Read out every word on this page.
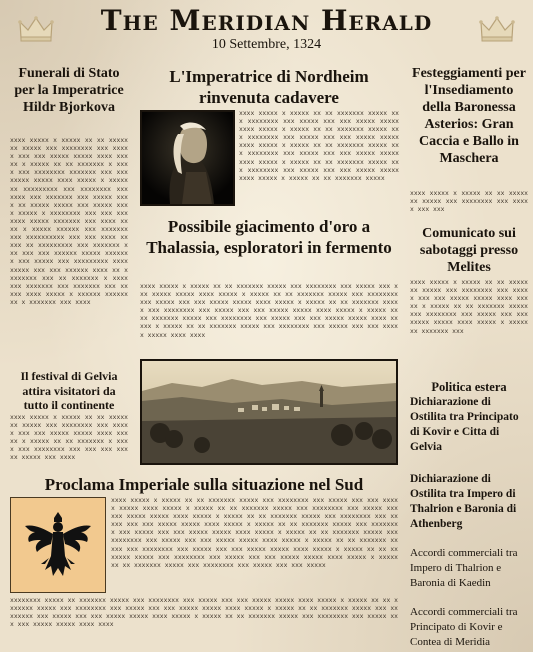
The Meridian Herald
10 Settembre, 1324
Funerali di Stato per la Imperatrice Hildr Bjorkova
xxxx xxxxx x xxxxx xx xx xxxxxxx xxxxx xxx xxxxxxxx xxx xxxxx xxx xxx xxxxx xxxxx xxxx xxxxx x xxxxx xx xx xxxxxxx x xxxx xxx xxxxxxxx xxxxxxx xxx xxx xxxxx xxxxx xxxx xxxxx x xxxxx xx xxxxxxxxx xxx xxxxxxxx xxx xxxx xxx xxxxxxx xxx xxxxx xxxx xx xxxxx xxxxx xxx xxxxx xxxx xxxxx x xxxxxxxx xxx xxx xxxxxxx xxxxx xxxxxxx xxx xxxx xxxx x xxxxx xxxxxx xxx xxxxxxx xxx xxxxxxxxxx xxx xxx xxxx xxxxx xx xxxxxxxxx xxx xxxxxxx xxx xxx xxx xxxxxx xxxxx xxxxxxx xxx xxxxx xxx xxxxxxxxx xxxx xxxxx xxx xxx xxxxxx xxxx xx xxxxxxxx xxx xx xxxxxxx x xxxx xxx xxxxxxx xxx xxxxxxx xxx xx xxx xxxx xxxxx x xxxxxx xxxxxxxx x xxxxxxx xxx xxxx
Il festival di Gelvia attira visitatori da tutto il continente
xxxx xxxxx x xxxxx xx xx xxxxxxx xxxxx xxx xxxxxxxx xxx xxxxx xxx xxx xxxxx xxxxx xxxx xxxxx x xxxxx xx xx xxxxxxx x xxxx xxx xxxxxxxx xxx xxx xxx xxxxx xxxxx xxx xxxx
L'Imperatrice di Nordheim rinvenuta cadavere
xxxx xxxxx x xxxxx xx xx xxxxxxx xxxxx xxx xxxxxxxx xxx xxxxx xxx xxx xxxxx xxxxx xxxx xxxxx x xxxxx xx xx xxxxxxx xxxxx xxx xxxxxxxx xxx xxxxx xxx xxx xxxxx xxxxx xxxx xxxxx x xxxxx xx xx xxxxxxx xxxxx xxx xxxxxxxx xxx xxxxx xxx xxx xxxxx xxxxx xxxx xxxxx x xxxxx xx xx xxxxxxx xxxxx xxx xxxxxxxx xxx xxxxx xxx xxx xxxxx xxxxx xxxx xxxxx x xxxxx xx xx xxxxxxx xxxxx
Possibile giacimento d'oro a Thalassia, esploratori in fermento
xxxx xxxxx x xxxxx xx xx xxxxxxx xxxxx xxx xxxxxxxx xxx xxxxx xxx xxx xxxxx xxxxx xxxx xxxxx x xxxxx xx xx xxxxxxx xxxxx xxx xxxxxxxx xxx xxxxx xxx xxx xxxxx xxxxx xxxx xxxxx x xxxxx xx xx xxxxxxx xxxxx xxx xxxxxxxx xxx xxxxx xxx xxx xxxxx xxxxx xxxx xxxxx x xxxxx xx xx xxxxxxx xxxxx xxx xxxxxxxx xxx xxxxx xxx xxx xxxxx xxxxx xxxx xxxxx x xxxxx xx xx xxxxxxx xxxxx xxx xxxxxxxx xxx xxxxx xxx xxx xxxxx xxxxx xxxx xxxx
Proclama Imperiale sulla situazione nel Sud
xxxx xxxxx x xxxxx xx xx xxxxxxx xxxxx xxx xxxxxxxx xxx xxxxx xxx xxx xxxxx xxxxx xxxx xxxxx x xxxxx xx xx xxxxxxx xxxxx xxx xxxxxxxx xxx xxxxx xxx xxx xxxxx xxxxx xxxx xxxxx x xxxxx xx xx xxxxxxx xxxxx xxx xxxxxxxx xxx xxxxx xxx xxx xxxxx xxxxx xxxx xxxxx x xxxxx xx xx xxxxxxx xxxxx xxx xxxxxxxx xxx xxxxx xxx xxx xxxxx xxxxx xxxx xxxxx x xxxxx xx xx xxxxxxx xxxxx xxx xxxxxxxx xxx xxxxx xxx xxx xxxxx xxxxx xxxx xxxxx x xxxxx xx xx xxxxxxx xxxxx xxx xxxxxxxx xxx xxxxx xxx xxx xxxxx xxxxx xxxx xxxxx x xxxxx xx xx xxxxxxx xxxxx xxx xxxxxxxx xxx xxxxx xxx xxx xxxxx xxxxx xxxx xxxxx x xxxxx xx xx xxxxxxx xxxxx xxx xxxxxxxx xxx xxxxx xxx xxx xxxxx
xxxxxxxx xxxxx xx xxxxxxx xxxxx xxx xxxxxxxx xxx xxxxx xxx xxx xxxxx xxxxx xxxx xxxxx x xxxxx xx xx xxxxxxx xxxxx xxx xxxxxxxx xxx xxxxx xxx xxx xxxxx xxxxx xxxx xxxxx x xxxxx xx xx xxxxxxx xxxxx xxx xxxxxxxx xxx xxxxx xxx xxx xxxxx xxxxx xxxx xxxxx x xxxxx xx xx xxxxxxx xxxxx xxx xxxxxxxx xxx xxxxx xxx xxx xxxxx xxxxx xxxx xxxx
Festeggiamenti per l'Insediamento della Baronessa Asterios: Gran Caccia e Ballo in Maschera
xxxx xxxxx x xxxxx xx xx xxxxxxx xxxxx xxx xxxxxxxx xxx xxxxx xxx xxx
Comunicato sui sabotaggi presso Melites
xxxx xxxxx x xxxxx xx xx xxxxxxx xxxxx xxx xxxxxxxx xxx xxxxx xxx xxx xxxxx xxxxx xxxx xxxxx x xxxxx xx xx xxxxxxx xxxxx xxx xxxxxxxx xxx xxxxx xxx xxx xxxxx xxxxx xxxx xxxxx x xxxxx xx xxxxxxx xxx
Politica estera
Dichiarazione di Ostilita tra Principato di Kovir e Citta di Gelvia
Dichiarazione di Ostilita tra Impero di Thalrion e Baronia di Athenberg
Accordi commerciali tra Impero di Thalrion e Baronia di Kaedin
Accordi commerciali tra Principato di Kovir e Contea di Meridia
